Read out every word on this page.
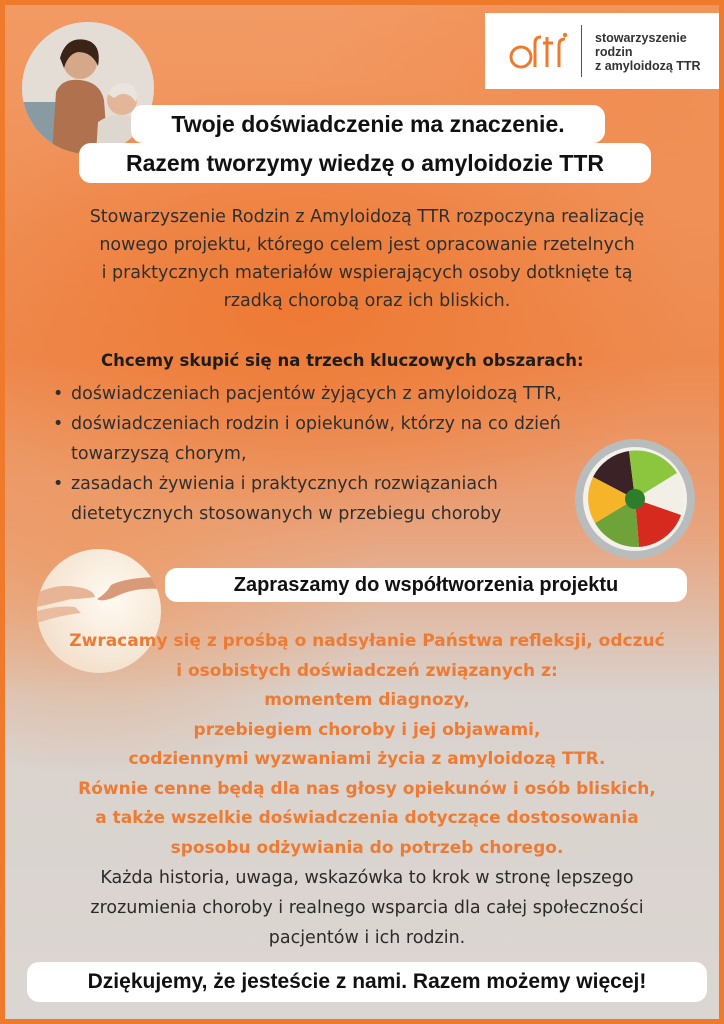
stowarzyszenie
rodzin
z amyloidozą TTR
Twoje doświadczenie ma znaczenie.
Razem tworzymy wiedzę o amyloidozie TTR
Stowarzyszenie Rodzin z Amyloidozą TTR rozpoczyna realizację
nowego projektu, którego celem jest opracowanie rzetelnych
i praktycznych materiałów wspierających osoby dotknięte tą
rzadką chorobą oraz ich bliskich.
Chcemy skupić się na trzech kluczowych obszarach:
• doświadczeniach pacjentów żyjących z amyloidozą TTR,
• doświadczeniach rodzin i opiekunów, którzy na co dzień
towarzyszą chorym,
• zasadach żywienia i praktycznych rozwiązaniach
dietetycznych stosowanych w przebiegu choroby
Zapraszamy do współtworzenia projektu
Zwracamy się z prośbą o nadsyłanie Państwa refleksji, odczuć
i osobistych doświadczeń związanych z:
momentem diagnozy,
przebiegiem choroby i jej objawami,
codziennymi wyzwaniami życia z amyloidozą TTR.
Równie cenne będą dla nas głosy opiekunów i osób bliskich,
a także wszelkie doświadczenia dotyczące dostosowania
sposobu odżywiania do potrzeb chorego.
Każda historia, uwaga, wskazówka to krok w stronę lepszego
zrozumienia choroby i realnego wsparcia dla całej społeczności
pacjentów i ich rodzin.
Dziękujemy, że jesteście z nami. Razem możemy więcej!
